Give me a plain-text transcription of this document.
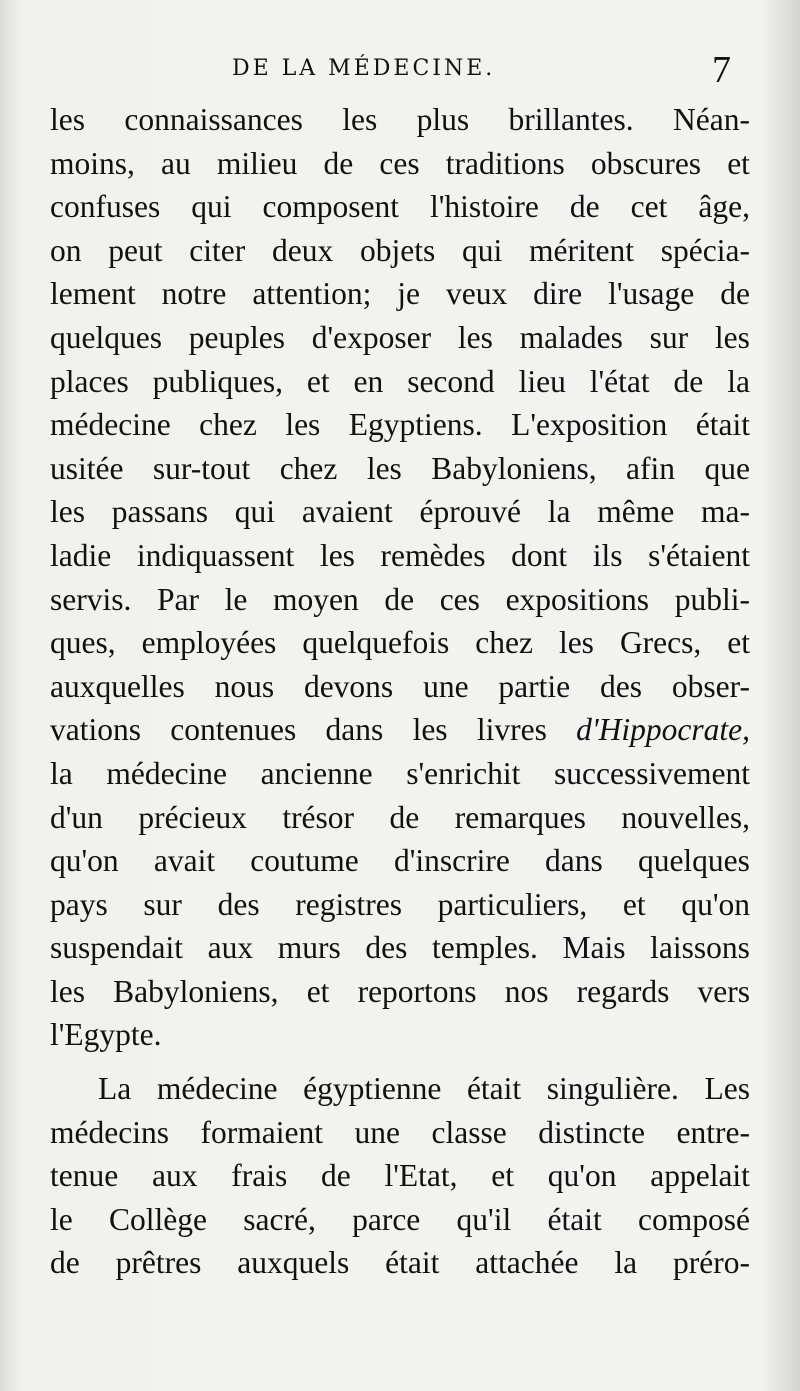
DE LA MÉDECINE.	7
les connaissances les plus brillantes. Néan-
moins, au milieu de ces traditions obscures et
confuses qui composent l'histoire de cet âge,
on peut citer deux objets qui méritent spécia-
lement notre attention; je veux dire l'usage de
quelques peuples d'exposer les malades sur les
places publiques, et en second lieu l'état de la
médecine chez les Egyptiens. L'exposition était
usitée sur-tout chez les Babyloniens, afin que
les passans qui avaient éprouvé la même ma-
ladie indiquassent les remèdes dont ils s'étaient
servis. Par le moyen de ces expositions publi-
ques, employées quelquefois chez les Grecs, et
auxquelles nous devons une partie des obser-
vations contenues dans les livres d'Hippocrate,
la médecine ancienne s'enrichit successivement
d'un précieux trésor de remarques nouvelles,
qu'on avait coutume d'inscrire dans quelques
pays sur des registres particuliers, et qu'on
suspendait aux murs des temples. Mais laissons
les Babyloniens, et reportons nos regards vers
l'Egypte.
La médecine égyptienne était singulière. Les
médecins formaient une classe distincte entre-
tenue aux frais de l'Etat, et qu'on appelait
le Collège sacré, parce qu'il était composé
de prêtres auxquels était attachée la préro-
